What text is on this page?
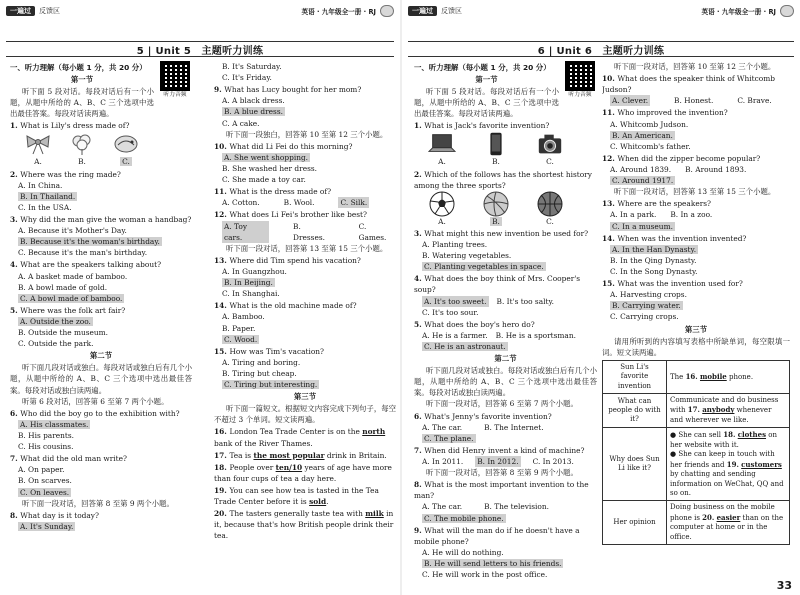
一遍过	反馈区	英语 · 九年级全一册 · RJ
5 | Unit 5　主题听力训练
听力音频
一、听力理解（每小题 1 分，共 20 分）
第一节
听下面 5 段对话。每段对话后有一个小题，从题中所给的 A、B、C 三个选项中选出最佳答案。每段对话读两遍。
1. What is Lily's dress made of?
A.	B.	C.
2. Where was the ring made?
A. In China.
B. In Thailand.
C. In the USA.
3. Why did the man give the woman a handbag?
A. Because it's Mother's Day.
B. Because it's the woman's birthday.
C. Because it's the man's birthday.
4. What are the speakers talking about?
A. A basket made of bamboo.
B. A bowl made of gold.
C. A bowl made of bamboo.
5. Where was the folk art fair?
A. Outside the zoo.
B. Outside the museum.
C. Outside the park.
第二节
听下面几段对话或独白。每段对话或独白后有几个小题，从题中所给的 A、B、C 三个选项中选出最佳答案。每段对话或独白读两遍。
听第 6 段对话，回答第 6 至第 7 两个小题。
6. Who did the boy go to the exhibition with?
A. His classmates.
B. His parents.
C. His cousins.
7. What did the old man write?
A. On paper.
B. On scarves.
C. On leaves.
听下面一段对话，回答第 8 至第 9 两个小题。
8. What day is it today?
A. It's Sunday.
B. It's Saturday.
C. It's Friday.
9. What has Lucy bought for her mom?
A. A black dress.
B. A blue dress.
C. A cake.
听下面一段独白，回答第 10 至第 12 三个小题。
10. What did Li Fei do this morning?
A. She went shopping.
B. She washed her dress.
C. She made a toy car.
11. What is the dress made of?
A. Cotton.	B. Wool.	C. Silk.
12. What does Li Fei's brother like best?
A. Toy cars.
B. Dresses.
C. Games.
听下面一段对话，回答第 13 至第 15 三个小题。
13. Where did Tim spend his vacation?
A. In Guangzhou.
B. In Beijing.
C. In Shanghai.
14. What is the old machine made of?
A. Bamboo.
B. Paper.
C. Wood.
15. How was Tim's vacation?
A. Tiring and boring.
B. Tiring but cheap.
C. Tiring but interesting.
第三节
听下面一篇短文。根据短文内容完成下列句子，每空不超过 3 个单词。短文读两遍。
16. London Tea Trade Center is on the north bank of the River Thames.
17. Tea is the most popular drink in Britain.
18. People over ten/10 years of age have more than four cups of tea a day here.
19. You can see how tea is tasted in the Tea Trade Center before it is sold.
20. The tasters generally taste tea with milk in it, because that's how British people drink their tea.
一遍过	反馈区	英语 · 九年级全一册 · RJ
6 | Unit 6　主题听力训练
听力音频
一、听力理解（每小题 1 分，共 20 分）
第一节
听下面 5 段对话。每段对话后有一个小题，从题中所给的 A、B、C 三个选项中选出最佳答案。每段对话读两遍。
1. What is Jack's favorite invention?
A.	B.	C.
2. Which of the follows has the shortest history among the three sports?
A.	B.	C.
3. What might this new invention be used for?
A. Planting trees.
B. Watering vegetables.
C. Planting vegetables in space.
4. What does the boy think of Mrs. Cooper's soup?
A. It's too sweet. B. It's too salty.
C. It's too sour.
5. What does the boy's hero do?
A. He is a farmer. B. He is a sportsman.
C. He is an astronaut.
第二节
听下面几段对话或独白。每段对话或独白后有几个小题，从题中所给的 A、B、C 三个选项中选出最佳答案。每段对话或独白读两遍。
听下面一段对话，回答第 6 至第 7 两个小题。
6. What's Jenny's favorite invention?
A. The car.	B. The Internet.
C. The plane.
7. When did Henry invent a kind of machine?
A. In 2011. B. In 2012. C. In 2013.
听下面一段对话，回答第 8 至第 9 两个小题。
8. What is the most important invention to the man?
A. The car.	B. The television.
C. The mobile phone.
9. What will the man do if he doesn't have a mobile phone?
A. He will do nothing.
B. He will send letters to his friends.
C. He will work in the post office.
听下面一段对话，回答第 10 至第 12 三个小题。
10. What does the speaker think of Whitcomb Judson?
A. Clever.	B. Honest.	C. Brave.
11. Who improved the invention?
A. Whitcomb Judson.
B. An American.
C. Whitcomb's father.
12. When did the zipper become popular?
A. Around 1839. B. Around 1893.
C. Around 1917.
听下面一段对话，回答第 13 至第 15 三个小题。
13. Where are the speakers?
A. In a park. B. In a zoo.
C. In a museum.
14. When was the invention invented?
A. In the Han Dynasty.
B. In the Qing Dynasty.
C. In the Song Dynasty.
15. What was the invention used for?
A. Harvesting crops.
B. Carrying water.
C. Carrying crops.
第三节
请用所听到的内容填写表格中所缺单词，每空限填一词。短文读两遍。
Sun Li's favorite invention	The 16. mobile phone.
What can people do with it?	Communicate and do business with 17. anybody whenever and wherever we like.
Why does Sun Li like it?	● She can sell 18. clothes on her website with it.
● She can keep in touch with her friends and 19. customers by chatting and sending information on WeChat, QQ and so on.

Her opinion	Doing business on the mobile phone is 20. easier than on the computer at home or in the office.
33
